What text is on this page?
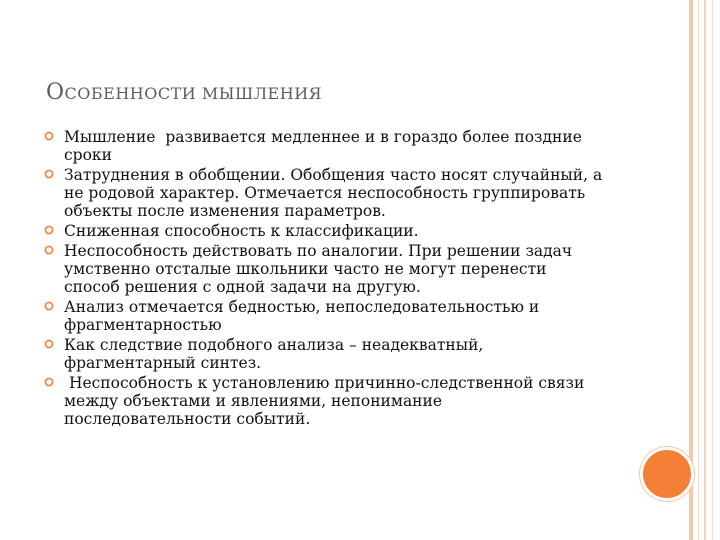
ОСОБЕННОСТИ МЫШЛЕНИЯ
Мышление  развивается медленнее и в гораздо более поздние сроки
Затруднения в обобщении. Обобщения часто носят случайный, а не родовой характер. Отмечается неспособность группировать объекты после изменения параметров.
Сниженная способность к классификации.
Неспособность действовать по аналогии. При решении задач умственно отсталые школьники часто не могут перенести способ решения с одной задачи на другую.
Анализ отмечается бедностью, непоследовательностью и фрагментарностью
Как следствие подобного анализа – неадекватный, фрагментарный синтез.
Неспособность к установлению причинно-следственной связи между объектами и явлениями, непонимание последовательности событий.
